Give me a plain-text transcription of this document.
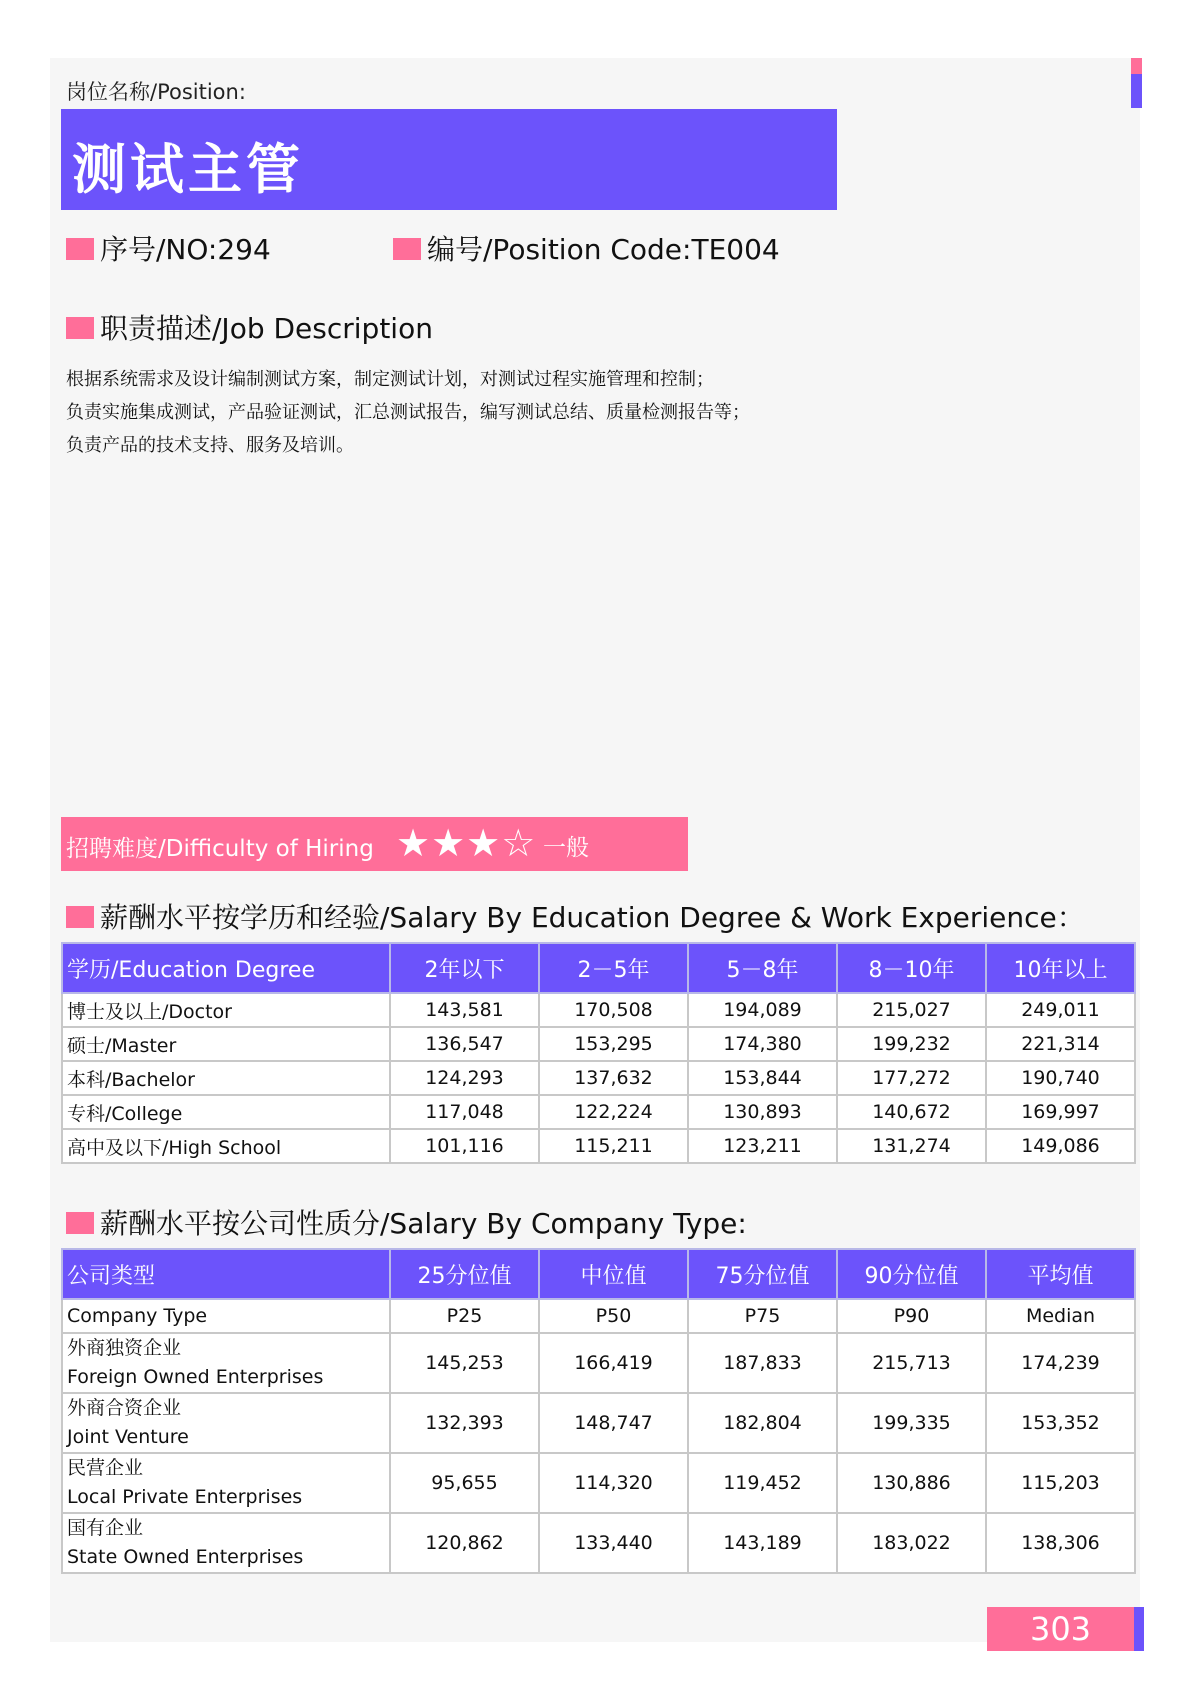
岗位名称/Position:
测试主管
序号/NO:294	编号/Position Code:TE004
职责描述/Job Description
根据系统需求及设计编制测试方案，制定测试计划，对测试过程实施管理和控制；
负责实施集成测试，产品验证测试，汇总测试报告，编写测试总结、质量检测报告等；
负责产品的技术支持、服务及培训。
招聘难度/Difficulty of Hiring ★★★☆ 一般
薪酬水平按学历和经验/Salary By Education Degree & Work Experience：
学历/Education Degree	2年以下	2－5年	5－8年	8－10年	10年以上
博士及以上/Doctor	143,581	170,508	194,089	215,027	249,011
硕士/Master	136,547	153,295	174,380	199,232	221,314
本科/Bachelor	124,293	137,632	153,844	177,272	190,740
专科/College	117,048	122,224	130,893	140,672	169,997
高中及以下/High School	101,116	115,211	123,211	131,274	149,086
薪酬水平按公司性质分/Salary By Company Type:
公司类型	25分位值	中位值	75分位值	90分位值	平均值
Company Type	P25	P50	P75	P90	Median

外商独资企业
Foreign Owned Enterprises	145,253	166,419	187,833	215,713	174,239

外商合资企业
Joint Venture	132,393	148,747	182,804	199,335	153,352

民营企业
Local Private Enterprises	95,655	114,320	119,452	130,886	115,203

国有企业
State Owned Enterprises	120,862	133,440	143,189	183,022	138,306
303
